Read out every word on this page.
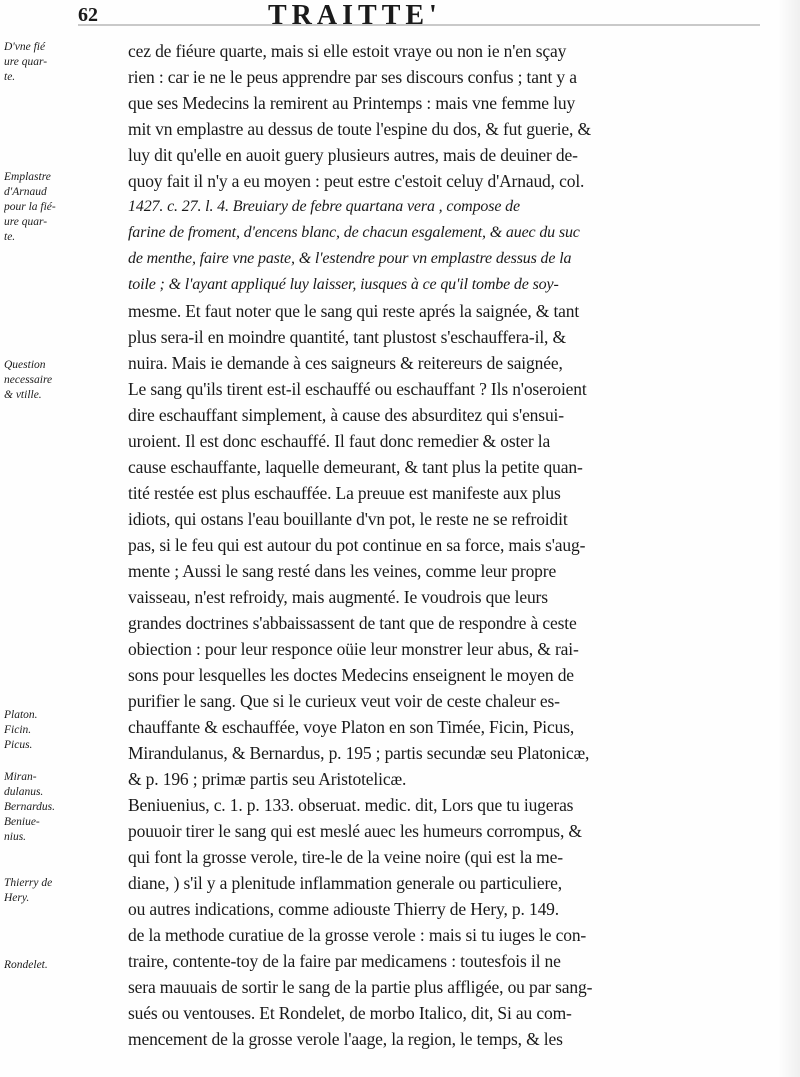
62	TRAITTE'
D'vne fié
ure quar-
te.
Emplastre
d'Arnaud
pour la fié-
ure quar-
te.
Question
necessaire
& vtille.
Platon.
Ficin.
Picus.
Miran-
dulanus.
Bernardus.
Beniue-
nius.
Thierry de
Hery.
Rondelet.
cez de fiéure quarte, mais si elle estoit vraye ou non ie n'en sçay
rien : car ie ne le peus apprendre par ses discours confus ; tant y a
que ses Medecins la remirent au Printemps : mais vne femme luy
mit vn emplastre au dessus de toute l'espine du dos, & fut guerie, &
luy dit qu'elle en auoit guery plusieurs autres, mais de deuiner de-
quoy fait il n'y a eu moyen : peut estre c'estoit celuy d'Arnaud, col.
1427. c. 27. l. 4. Breuiary de febre quartana vera , compose de
farine de froment, d'encens blanc, de chacun esgalement, & auec du suc
de menthe, faire vne paste, & l'estendre pour vn emplastre dessus de la
toile ; & l'ayant appliqué luy laisser, iusques à ce qu'il tombe de soy-
mesme. Et faut noter que le sang qui reste aprés la saignée, & tant
plus sera-il en moindre quantité, tant plustost s'eschauffera-il, &
nuira. Mais ie demande à ces saigneurs & reitereurs de saignée,
Le sang qu'ils tirent est-il eschauffé ou eschauffant ? Ils n'oseroient
dire eschauffant simplement, à cause des absurditez qui s'ensui-
uroient. Il est donc eschauffé. Il faut donc remedier & oster la
cause eschauffante, laquelle demeurant, & tant plus la petite quan-
tité restée est plus eschauffée. La preuue est manifeste aux plus
idiots, qui ostans l'eau bouillante d'vn pot, le reste ne se refroidit
pas, si le feu qui est autour du pot continue en sa force, mais s'aug-
mente ; Aussi le sang resté dans les veines, comme leur propre
vaisseau, n'est refroidy, mais augmenté. Ie voudrois que leurs
grandes doctrines s'abbaissassent de tant que de respondre à ceste
obiection : pour leur responce oüie leur monstrer leur abus, & rai-
sons pour lesquelles les doctes Medecins enseignent le moyen de
purifier le sang. Que si le curieux veut voir de ceste chaleur es-
chauffante & eschauffée, voye Platon en son Timée, Ficin, Picus,
Mirandulanus, & Bernardus, p. 195 ; partis secundæ seu Platonicæ,
& p. 196 ; primæ partis seu Aristotelicæ.
Beniuenius, c. 1. p. 133. obseruat. medic. dit, Lors que tu iugeras
pouuoir tirer le sang qui est meslé auec les humeurs corrompus, &
qui font la grosse verole, tire-le de la veine noire (qui est la me-
diane, ) s'il y a plenitude inflammation generale ou particuliere,
ou autres indications, comme adiouste Thierry de Hery, p. 149.
de la methode curatiue de la grosse verole : mais si tu iuges le con-
traire, contente-toy de la faire par medicamens : toutesfois il ne
sera mauuais de sortir le sang de la partie plus affligée, ou par sang-
sués ou ventouses. Et Rondelet, de morbo Italico, dit, Si au com-
mencement de la grosse verole l'aage, la region, le temps, & les
